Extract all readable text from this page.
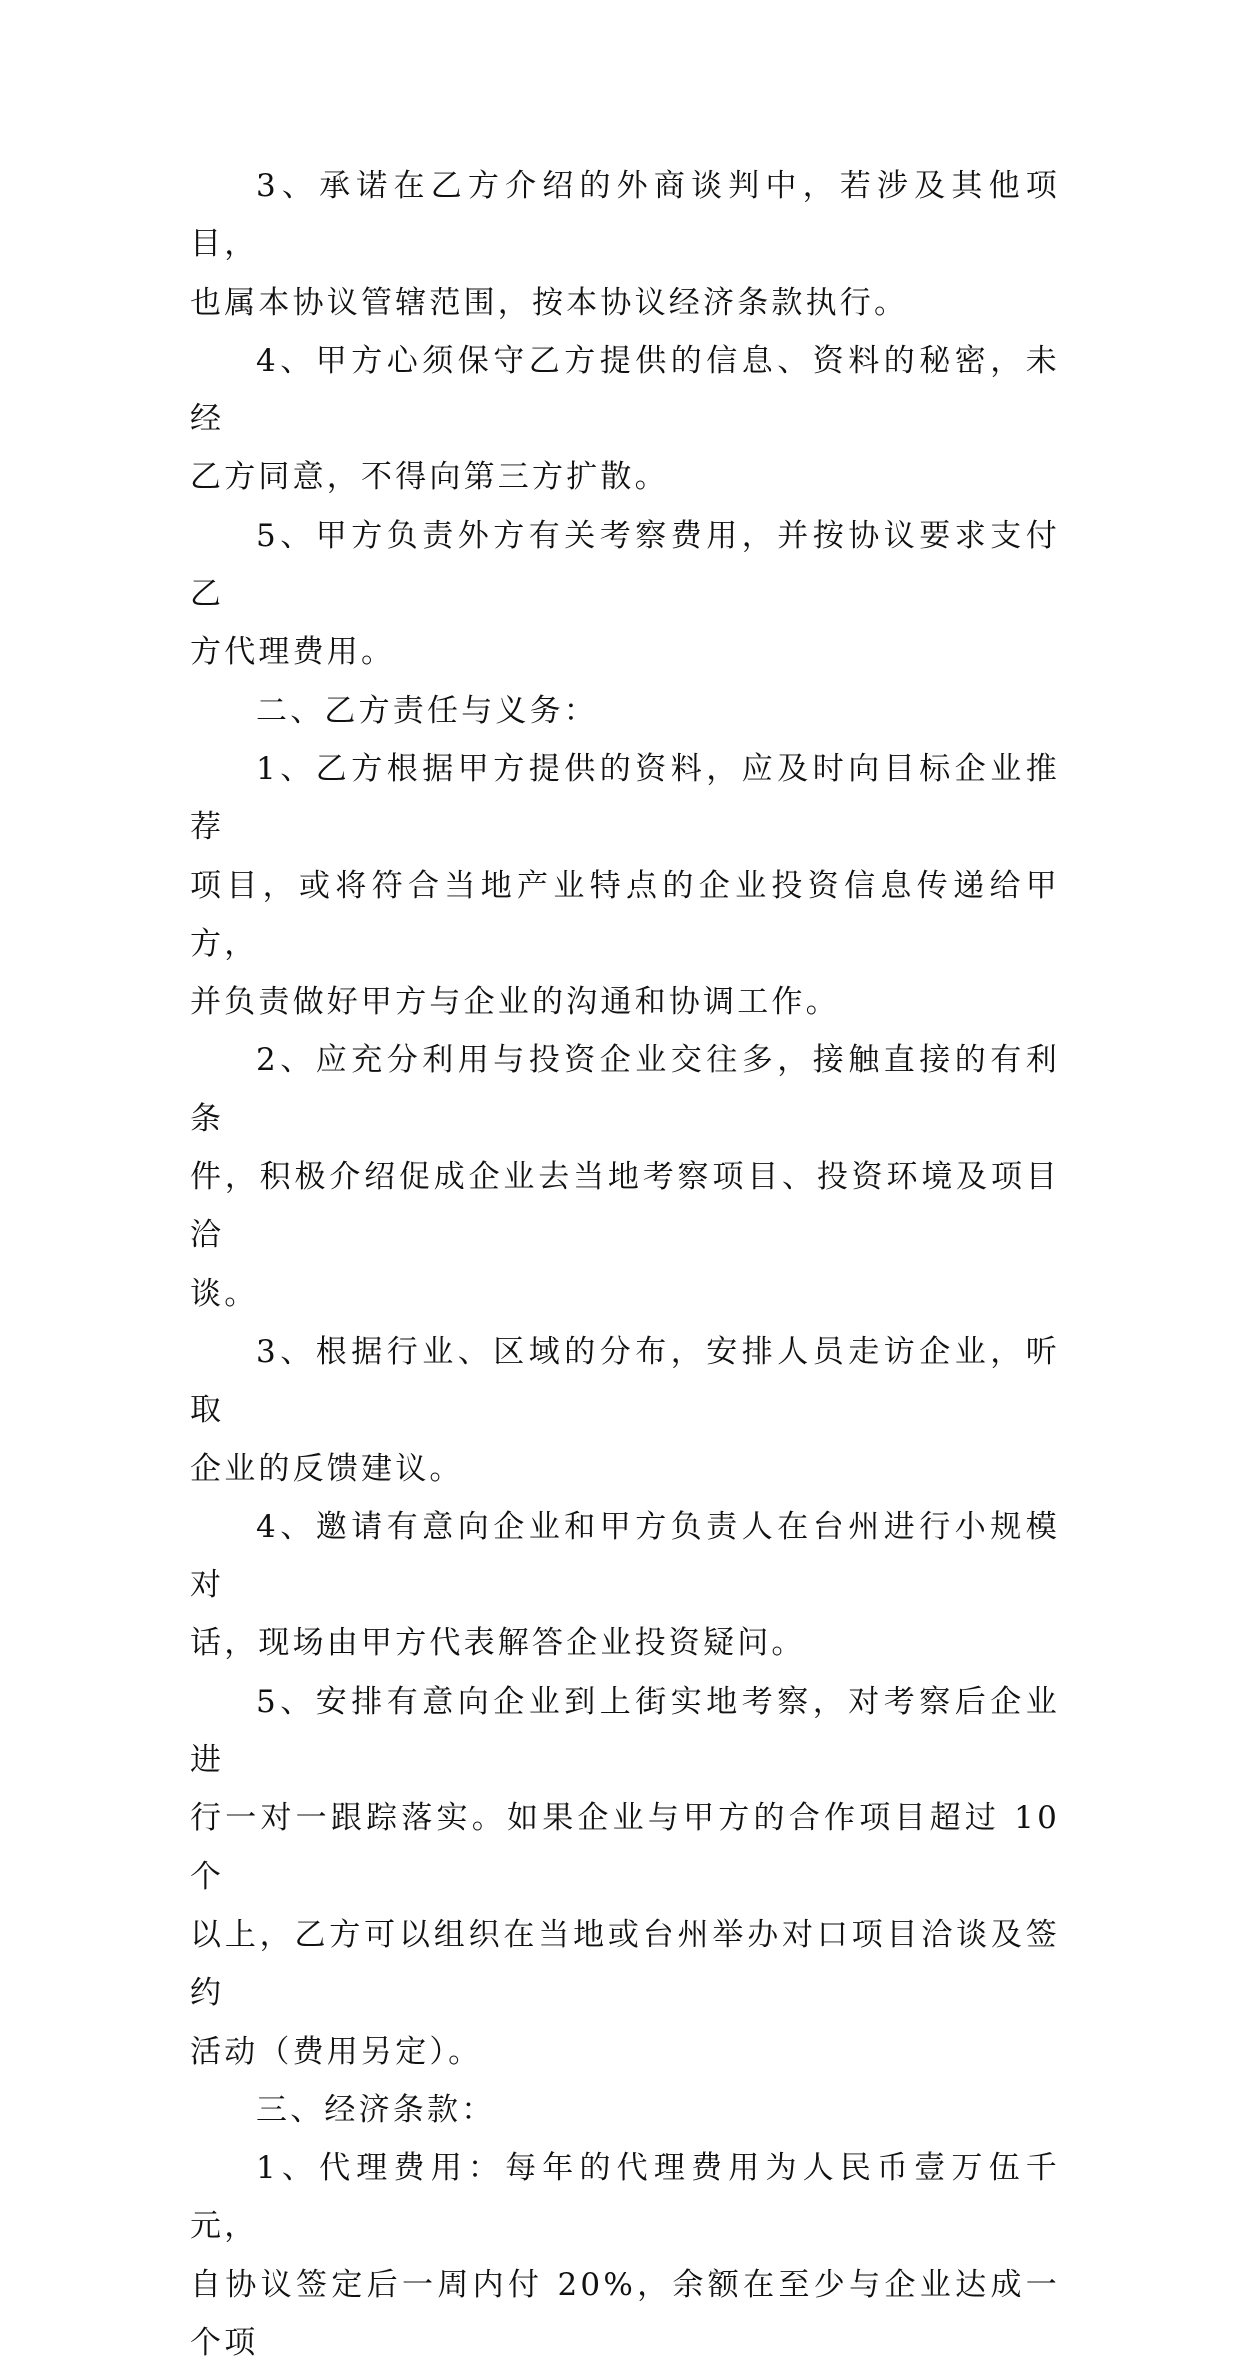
3、承诺在乙方介绍的外商谈判中，若涉及其他项目，
也属本协议管辖范围，按本协议经济条款执行。

4、甲方心须保守乙方提供的信息、资料的秘密，未经
乙方同意，不得向第三方扩散。

5、甲方负责外方有关考察费用，并按协议要求支付乙
方代理费用。

二、乙方责任与义务：

1、乙方根据甲方提供的资料，应及时向目标企业推荐
项目，或将符合当地产业特点的企业投资信息传递给甲方，
并负责做好甲方与企业的沟通和协调工作。

2、应充分利用与投资企业交往多，接触直接的有利条
件，积极介绍促成企业去当地考察项目、投资环境及项目洽
谈。

3、根据行业、区域的分布，安排人员走访企业，听取
企业的反馈建议。

4、邀请有意向企业和甲方负责人在台州进行小规模对
话，现场由甲方代表解答企业投资疑问。

5、安排有意向企业到上街实地考察，对考察后企业进
行一对一跟踪落实。如果企业与甲方的合作项目超过 10 个
以上，乙方可以组织在当地或台州举办对口项目洽谈及签约
活动（费用另定）。

三、经济条款：

1、代理费用：每年的代理费用为人民币壹万伍千元，
自协议签定后一周内付 20%，余额在至少与企业达成一个项
